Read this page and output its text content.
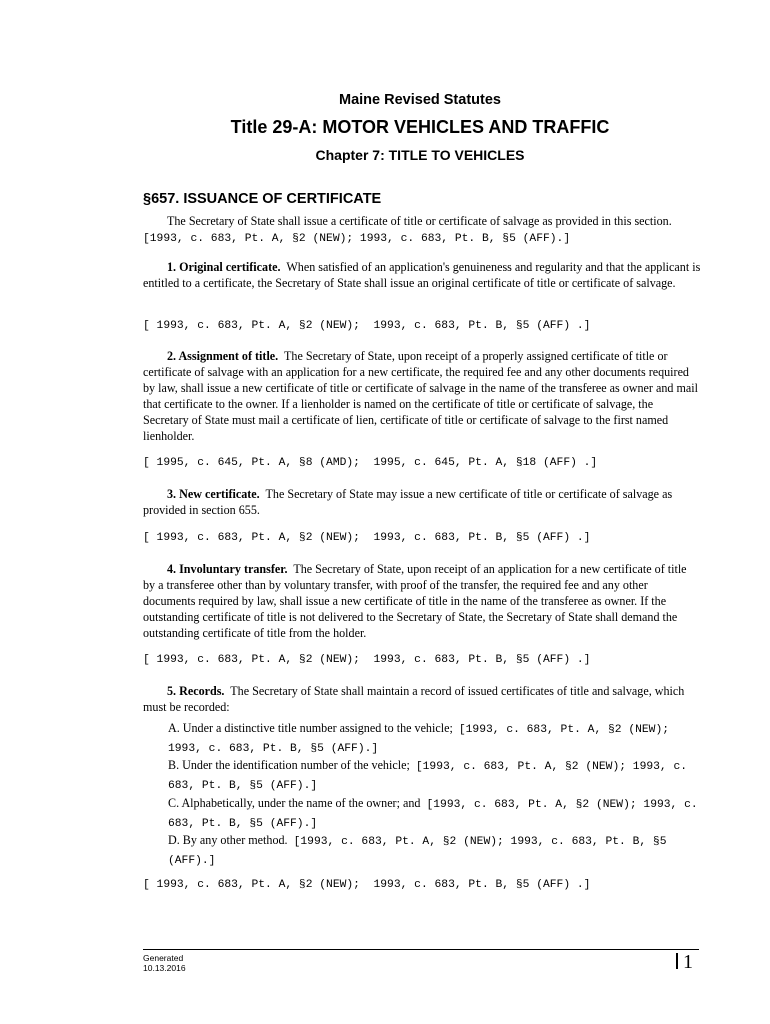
Maine Revised Statutes
Title 29-A: MOTOR VEHICLES AND TRAFFIC
Chapter 7: TITLE TO VEHICLES
§657. ISSUANCE OF CERTIFICATE
The Secretary of State shall issue a certificate of title or certificate of salvage as provided in this section.
[1993, c. 683, Pt. A, §2 (NEW); 1993, c. 683, Pt. B, §5 (AFF).]
1. Original certificate. When satisfied of an application's genuineness and regularity and that the applicant is entitled to a certificate, the Secretary of State shall issue an original certificate of title or certificate of salvage.
[ 1993, c. 683, Pt. A, §2 (NEW);  1993, c. 683, Pt. B, §5 (AFF) .]
2. Assignment of title. The Secretary of State, upon receipt of a properly assigned certificate of title or certificate of salvage with an application for a new certificate, the required fee and any other documents required by law, shall issue a new certificate of title or certificate of salvage in the name of the transferee as owner and mail that certificate to the owner. If a lienholder is named on the certificate of title or certificate of salvage, the Secretary of State must mail a certificate of lien, certificate of title or certificate of salvage to the first named lienholder.
[ 1995, c. 645, Pt. A, §8 (AMD);  1995, c. 645, Pt. A, §18 (AFF) .]
3. New certificate. The Secretary of State may issue a new certificate of title or certificate of salvage as provided in section 655.
[ 1993, c. 683, Pt. A, §2 (NEW);  1993, c. 683, Pt. B, §5 (AFF) .]
4. Involuntary transfer. The Secretary of State, upon receipt of an application for a new certificate of title by a transferee other than by voluntary transfer, with proof of the transfer, the required fee and any other documents required by law, shall issue a new certificate of title in the name of the transferee as owner. If the outstanding certificate of title is not delivered to the Secretary of State, the Secretary of State shall demand the outstanding certificate of title from the holder.
[ 1993, c. 683, Pt. A, §2 (NEW);  1993, c. 683, Pt. B, §5 (AFF) .]
5. Records. The Secretary of State shall maintain a record of issued certificates of title and salvage, which must be recorded:
A. Under a distinctive title number assigned to the vehicle; [1993, c. 683, Pt. A, §2 (NEW); 1993, c. 683, Pt. B, §5 (AFF).]
B. Under the identification number of the vehicle; [1993, c. 683, Pt. A, §2 (NEW); 1993, c. 683, Pt. B, §5 (AFF).]
C. Alphabetically, under the name of the owner; and [1993, c. 683, Pt. A, §2 (NEW); 1993, c. 683, Pt. B, §5 (AFF).]
D. By any other method. [1993, c. 683, Pt. A, §2 (NEW); 1993, c. 683, Pt. B, §5 (AFF).]
[ 1993, c. 683, Pt. A, §2 (NEW);  1993, c. 683, Pt. B, §5 (AFF) .]
Generated
10.13.2016	1
